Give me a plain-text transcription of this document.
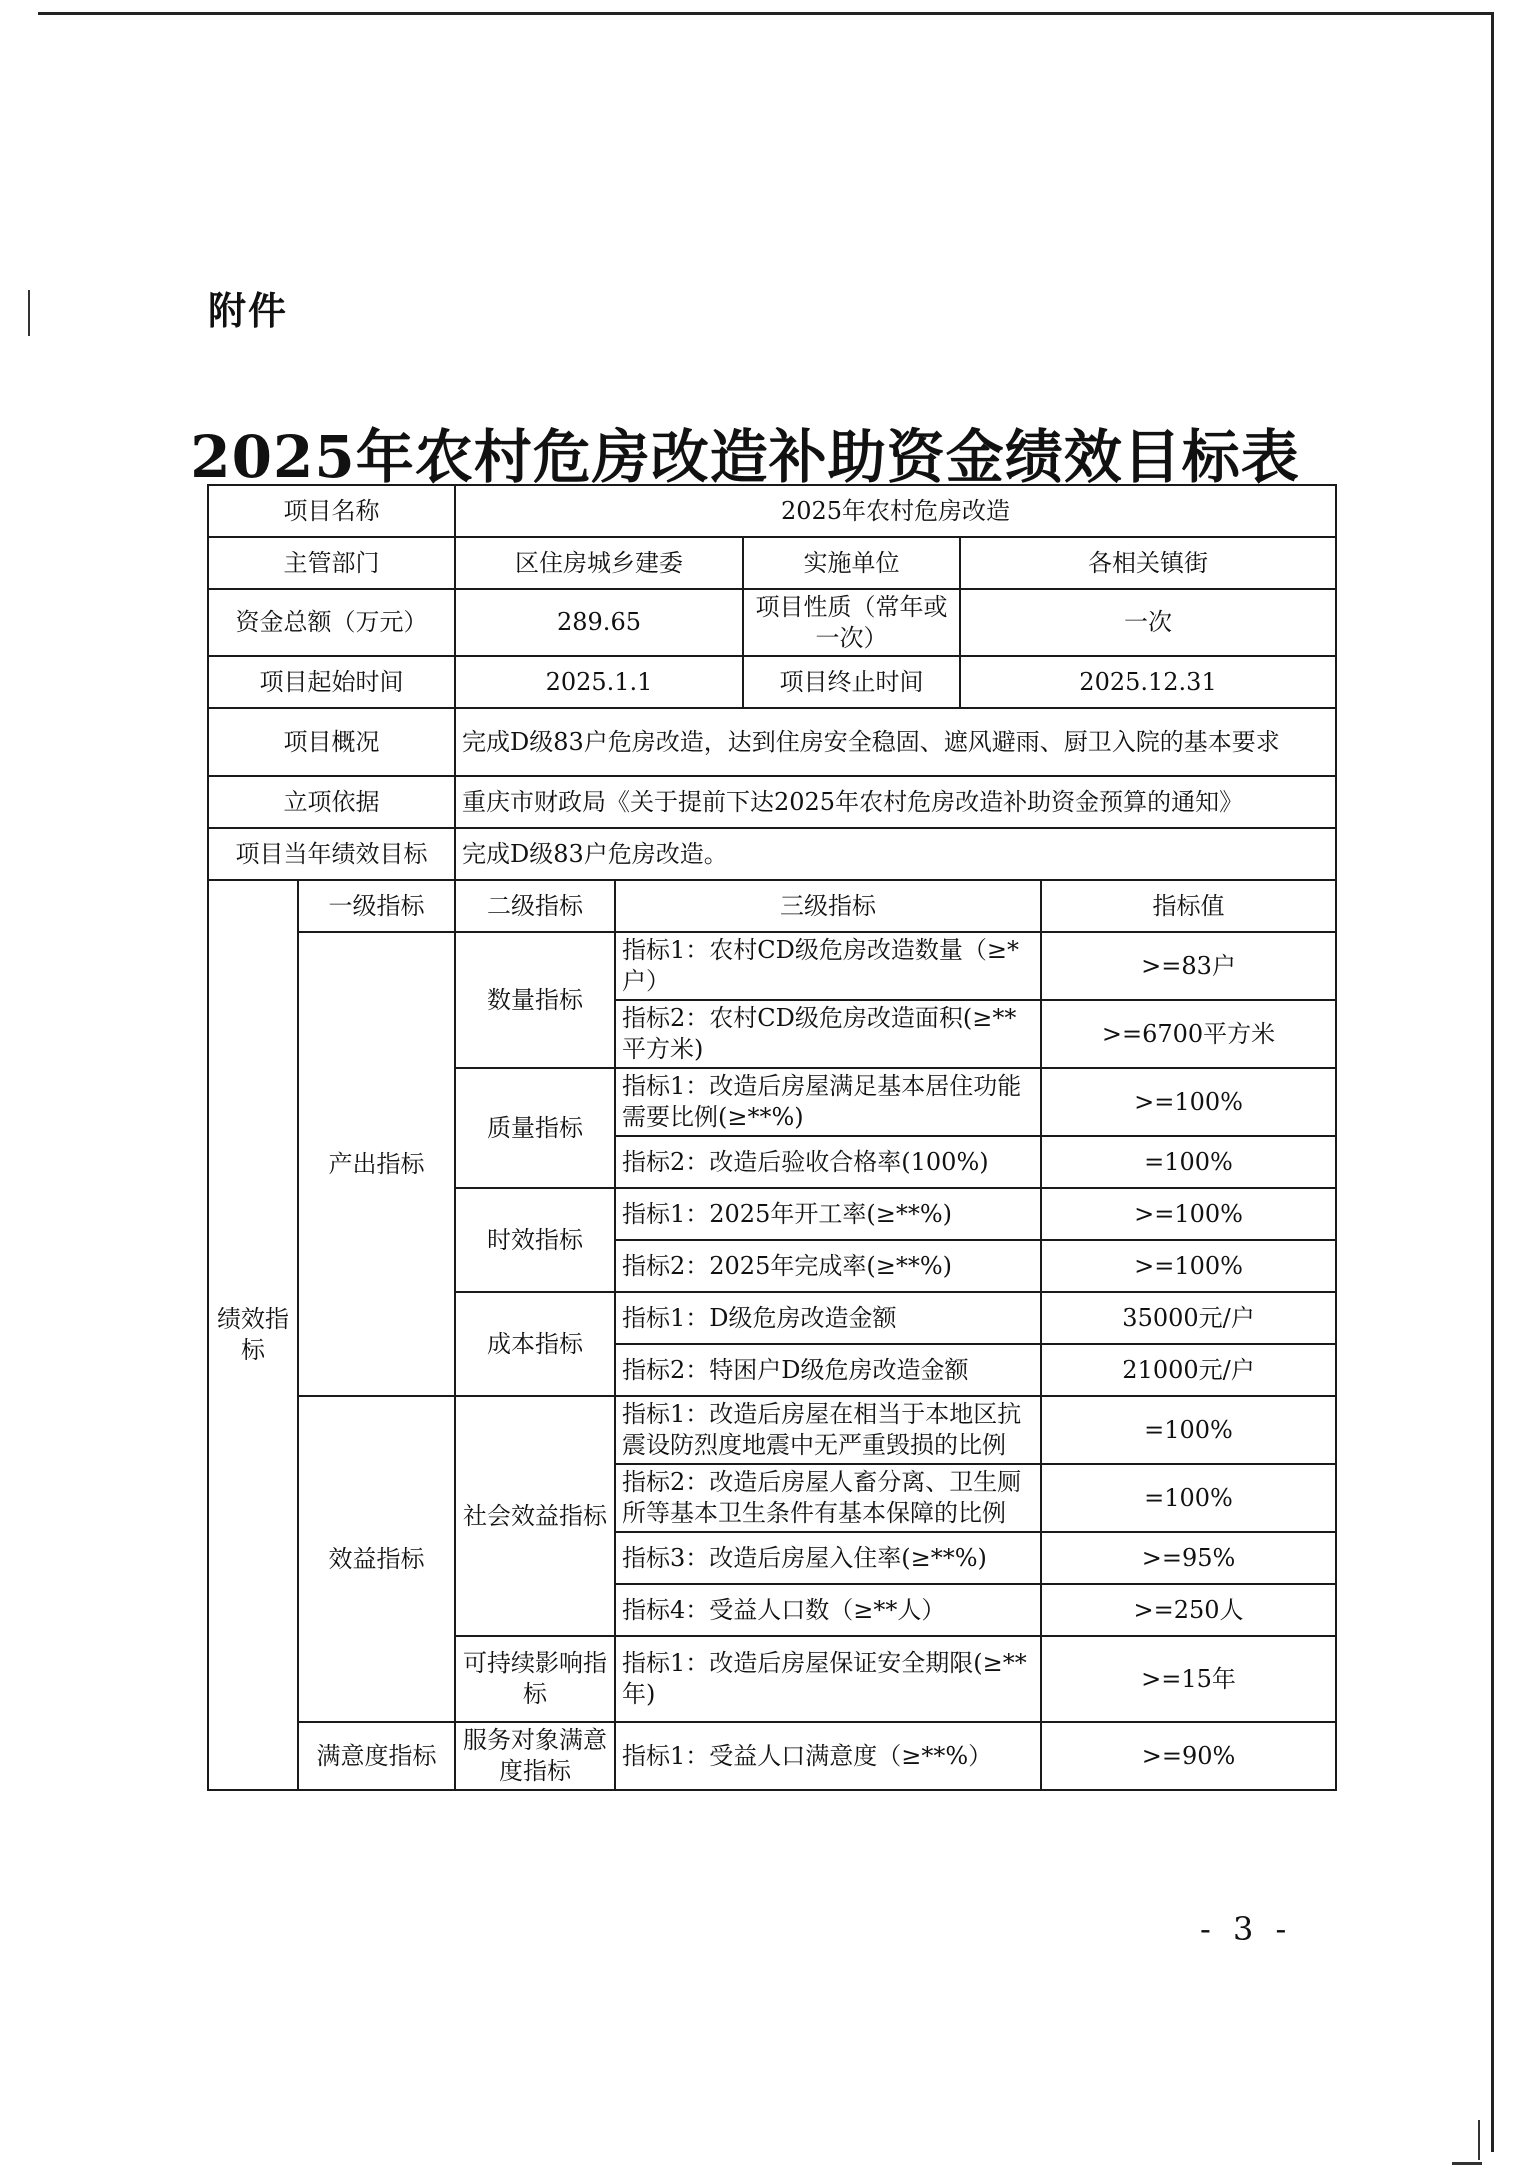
附件
2025年农村危房改造补助资金绩效目标表
项目名称		2025年农村危房改造				
主管部门		区住房城乡建委		实施单位	各相关镇街	
资金总额（万元）		289.65		项目性质（常年或一次）	一次	
项目起始时间		2025.1.1		项目终止时间	2025.12.31	
项目概况		完成D级83户危房改造，达到住房安全稳固、遮风避雨、厨卫入院的基本要求				
立项依据		重庆市财政局《关于提前下达2025年农村危房改造补助资金预算的通知》				
项目当年绩效目标		完成D级83户危房改造。				
绩效指标	一级指标	二级指标	三级指标			指标值
	产出指标	数量指标	指标1：农村CD级危房改造数量（≥*户）			>=83户
			指标2：农村CD级危房改造面积(≥**平方米)			>=6700平方米
		质量指标	指标1：改造后房屋满足基本居住功能需要比例(≥**%)			>=100%
			指标2：改造后验收合格率(100%)			=100%
		时效指标	指标1：2025年开工率(≥**%)			>=100%
			指标2：2025年完成率(≥**%)			>=100%
		成本指标	指标1：D级危房改造金额			35000元/户
			指标2：特困户D级危房改造金额			21000元/户
	效益指标	社会效益指标	指标1：改造后房屋在相当于本地区抗震设防烈度地震中无严重毁损的比例			=100%
			指标2：改造后房屋人畜分离、卫生厕所等基本卫生条件有基本保障的比例			=100%
			指标3：改造后房屋入住率(≥**%)			>=95%
			指标4：受益人口数（≥**人）			>=250人
		可持续影响指标	指标1：改造后房屋保证安全期限(≥**年)			>=15年
	满意度指标	服务对象满意度指标	指标1：受益人口满意度（≥**%）			>=90%
- 3 -
